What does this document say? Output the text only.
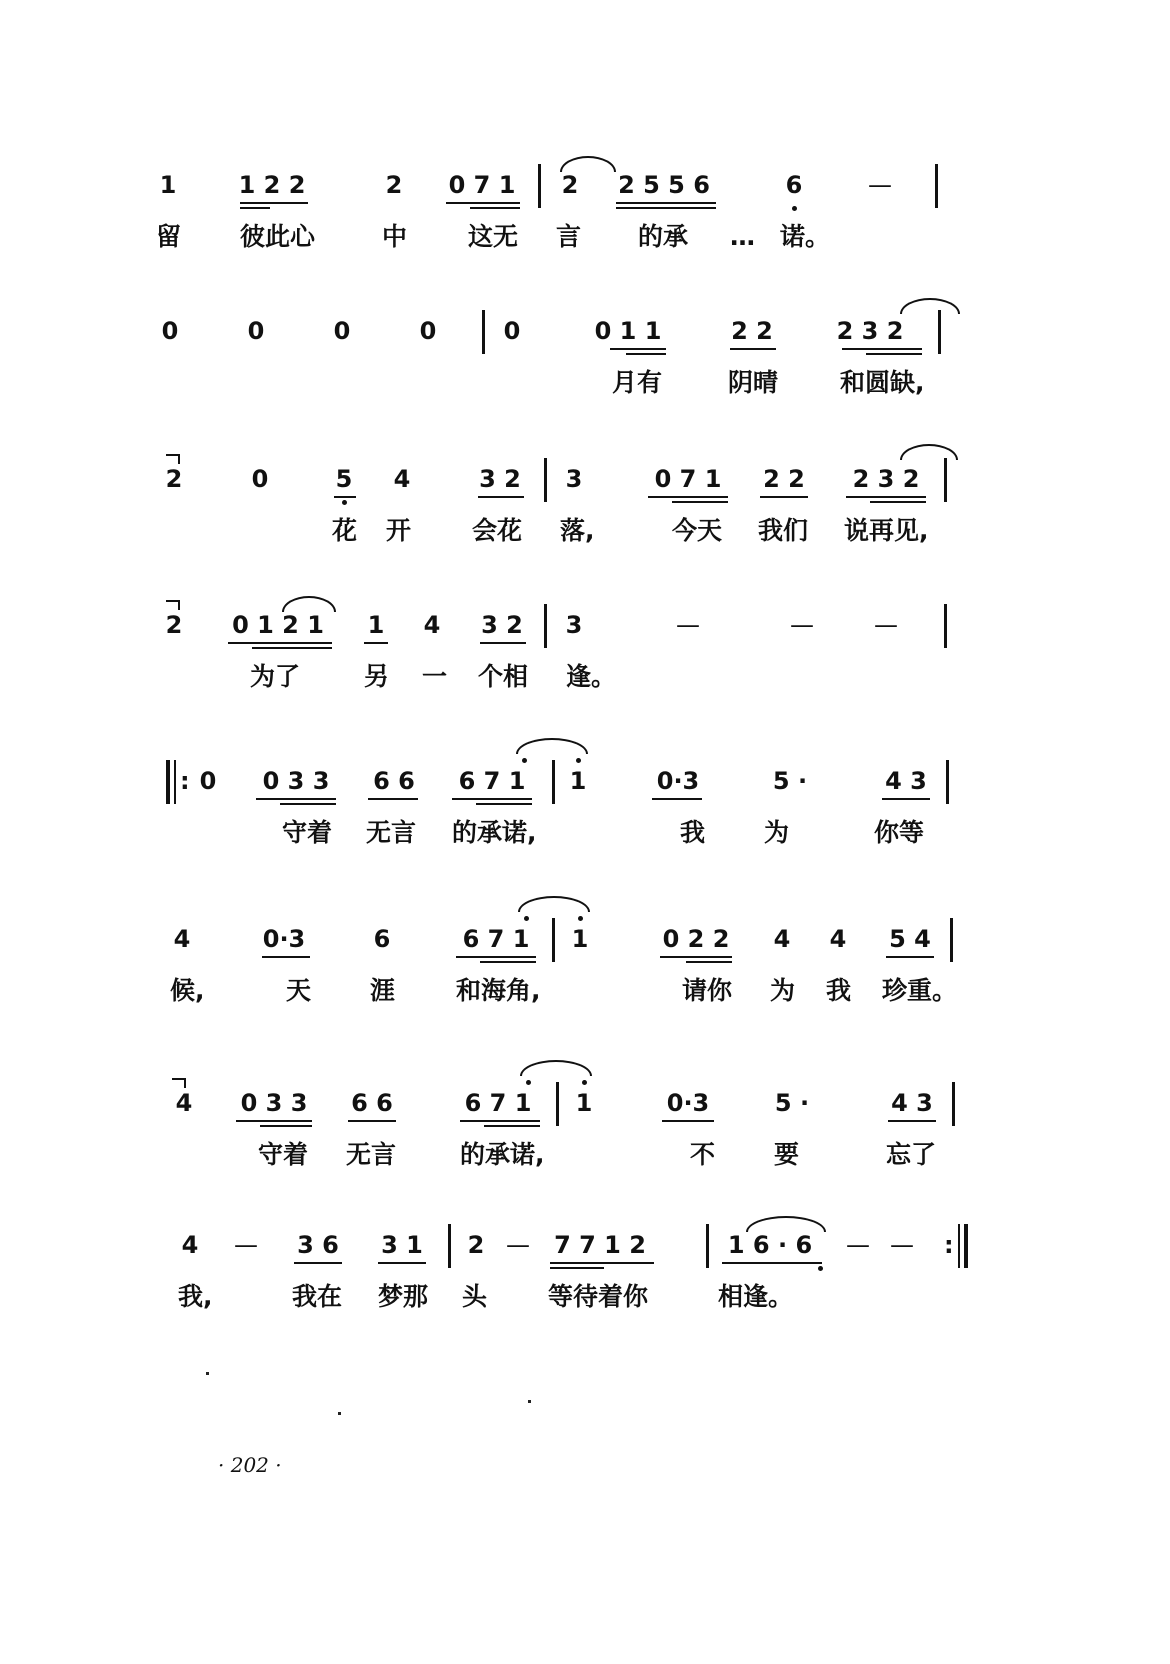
1	1 2 2	2 0 7 1 2 2 5 5 6	6	—
留 彼此心	中 这无 言 的承 … 诺。
0	0	0	0	0	0 1 1	2 2	2 3 2
月有	阴晴 和圆缺,
2	0	5 4	3 2 3	0 7 1 2 2 2 3 2
花 开 会花 落,	今天 我们 说再见,
2 0 1 2 1 1 4 3 2 3	—	—	—
为了	另 一 个相 逢。
: 0 0 3 3 6 6 6 7 1 1	0·3	5 ·	4 3
守着 无言 的承诺,	我 为	你等
4	0·3	6	6 7 1 1	0 2 2 4 4 5 4
候,	天 涯 和海角,	请你 为 我 珍重。
4 0 3 3 6 6	6 7 1 1	0·3	5 ·	4 3
守着 无言	的承诺,	不 要	忘了
4 — 3 6 3 1 2 — 7 7 1 2	1 6 · 6 — — :
我,	我在 梦那 头 等待着你	相逢。
· 202 ·
